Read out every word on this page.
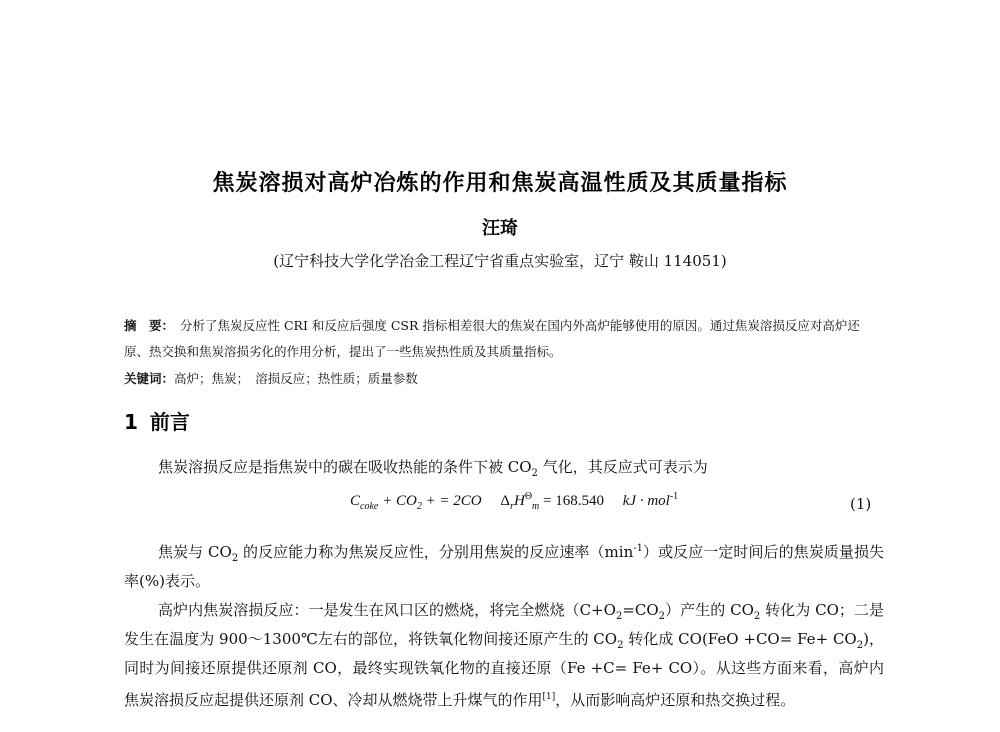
焦炭溶损对高炉冶炼的作用和焦炭高温性质及其质量指标
汪琦
(辽宁科技大学化学冶金工程辽宁省重点实验室，辽宁 鞍山 114051)
摘　要： 分析了焦炭反应性 CRI 和反应后强度 CSR 指标相差很大的焦炭在国内外高炉能够使用的原因。通过焦炭溶损反应对高炉还原、热交换和焦炭溶损劣化的作用分析，提出了一些焦炭热性质及其质量指标。
关键词：高炉；焦炭；　溶损反应；热性质；质量参数
1 前言
焦炭溶损反应是指焦炭中的碳在吸收热能的条件下被 $CO_2$ 气化，其反应式可表示为
$C_{coke} + CO_2$ + = 2CO $\Delta_rH^\Theta_m = 168.540$ kJ · mol$^{-1}$	(1)
焦炭与 $CO_2$ 的反应能力称为焦炭反应性，分别用焦炭的反应速率$(\min^{-1})$或反应一定时间后的焦炭质量损失率(%)表示。
高炉内焦炭溶损反应：一是发生在风口区的燃烧，将完全燃烧$(C+O_2=CO_2)$产生的 $CO_2$ 转化为 CO；二是发生在温度为 900～1300℃左右的部位，将铁氧化物间接还原产生的 $CO_2$ 转化成 $CO(FeO +CO= Fe+ CO_2)$，同时为间接还原提供还原剂 CO，最终实现铁氧化物的直接还原（Fe +C= Fe+ CO）。从这些方面来看，高炉内焦炭溶损反应起提供还原剂 CO、冷却从燃烧带上升煤气的作用[1]，从而影响高炉还原和热交换过程。
